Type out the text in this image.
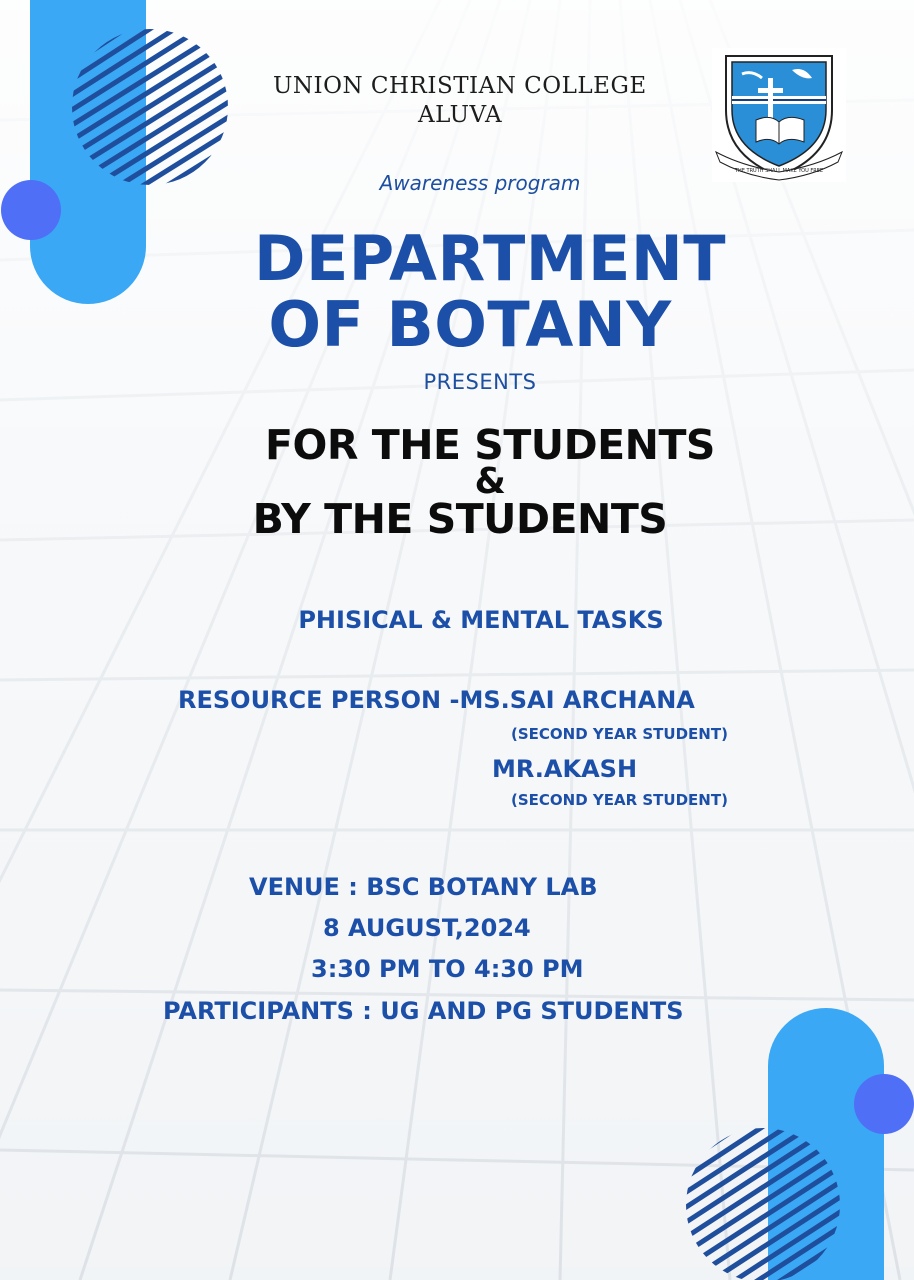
UNION CHRISTIAN COLLEGE
ALUVA
THE TRUTH SHALL MAKE YOU FREE
Awareness program
DEPARTMENT
OF BOTANY
PRESENTS
FOR THE STUDENTS
&
BY THE STUDENTS
PHISICAL & MENTAL TASKS
RESOURCE PERSON -MS.SAI ARCHANA
(SECOND YEAR STUDENT)
MR.AKASH
(SECOND YEAR STUDENT)
VENUE : BSC BOTANY LAB
8 AUGUST,2024
3:30 PM TO 4:30 PM
PARTICIPANTS : UG AND PG STUDENTS
